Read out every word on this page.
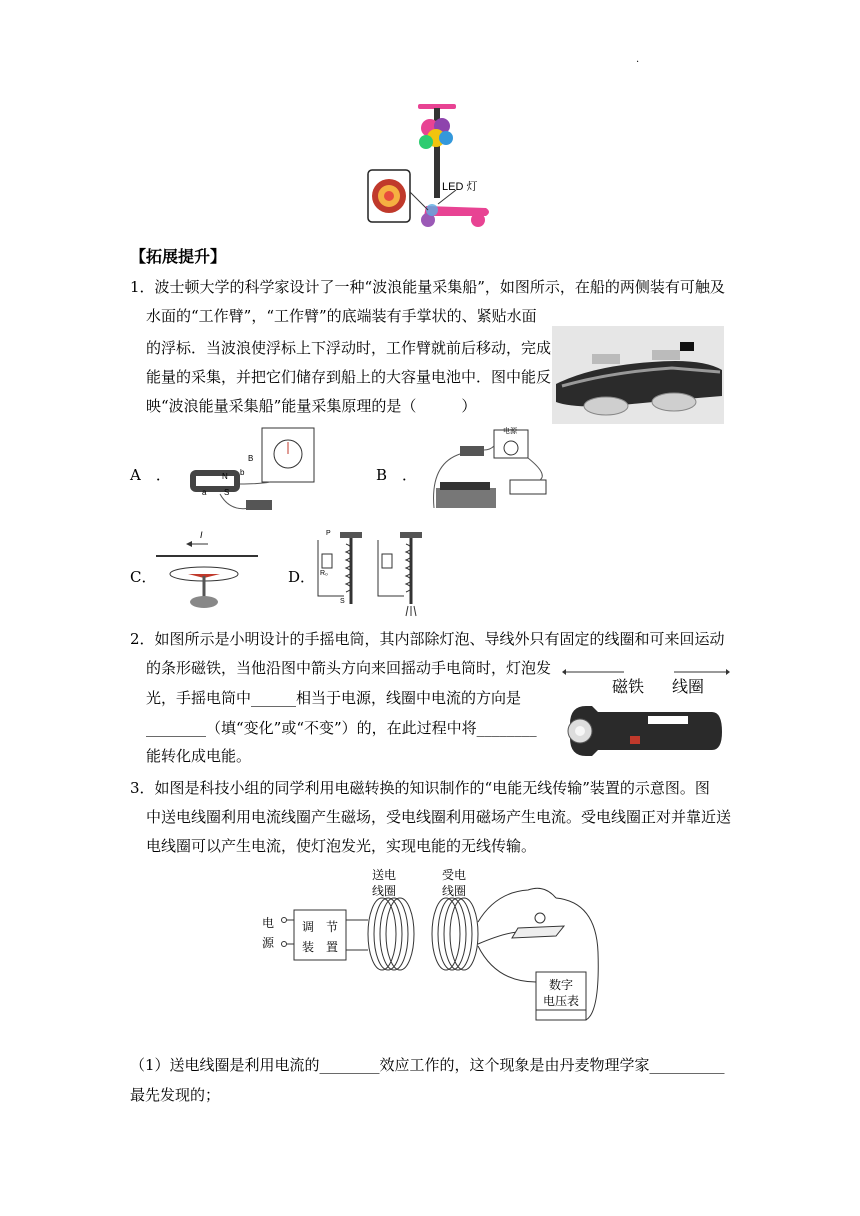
.
LED 灯
【拓展提升】
1．波士顿大学的科学家设计了一种“波浪能量采集船”，如图所示，在船的两侧装有可触及
水面的“工作臂”，“工作臂”的底端装有手掌状的、紧贴水面
的浮标．当波浪使浮标上下浮动时，工作臂就前后移动，完成
能量的采集，并把它们储存到船上的大容量电池中．图中能反
映“波浪能量采集船”能量采集原理的是（　　　）
A　．	N
S
a
b
B
B　．
电源
C．
I
D．
P
R₀
S
2．如图所示是小明设计的手摇电筒，其内部除灯泡、导线外只有固定的线圈和可来回运动
的条形磁铁，当他沿图中箭头方向来回摇动手电筒时，灯泡发
光，手摇电筒中______相当于电源，线圈中电流的方向是
________（填“变化”或“不变”）的，在此过程中将________
能转化成电能。
磁铁 线圈
3．如图是科技小组的同学利用电磁转换的知识制作的“电能无线传输”装置的示意图。图
中送电线圈利用电流线圈产生磁场，受电线圈利用磁场产生电流。受电线圈正对并靠近送
电线圈可以产生电流，使灯泡发光，实现电能的无线传输。
送电
线圈
受电
线圈
电
源
调　节
装　置
数字
电压表
（1）送电线圈是利用电流的________效应工作的，这个现象是由丹麦物理学家__________
最先发现的；
